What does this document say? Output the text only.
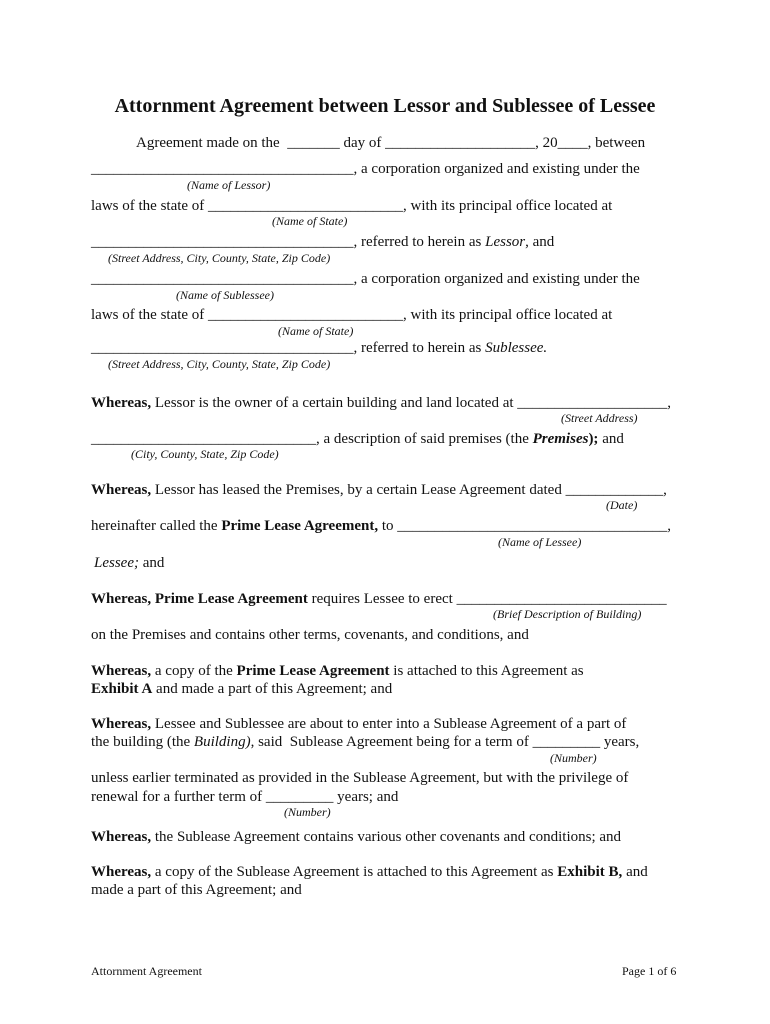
Attornment Agreement between Lessor and Sublessee of Lessee
Agreement made on the  _______ day of ____________________, 20____, between
___________________________________, a corporation organized and existing under the
(Name of Lessor)
laws of the state of __________________________, with its principal office located at
(Name of State)
___________________________________, referred to herein as Lessor, and
(Street Address, City, County, State, Zip Code)
___________________________________, a corporation organized and existing under the
(Name of Sublessee)
laws of the state of __________________________, with its principal office located at
(Name of State)
___________________________________, referred to herein as Sublessee.
(Street Address, City, County, State, Zip Code)
Whereas, Lessor is the owner of a certain building and land located at ____________________,
(Street Address)
______________________________, a description of said premises (the Premises); and
(City, County, State, Zip Code)
Whereas, Lessor has leased the Premises, by a certain Lease Agreement dated _____________,
(Date)
hereinafter called the Prime Lease Agreement, to ____________________________________,
(Name of Lessee)
Lessee; and
Whereas, Prime Lease Agreement requires Lessee to erect ____________________________
(Brief Description of Building)
on the Premises and contains other terms, covenants, and conditions, and
Whereas, a copy of the Prime Lease Agreement is attached to this Agreement as
Exhibit A and made a part of this Agreement; and
Whereas, Lessee and Sublessee are about to enter into a Sublease Agreement of a part of
the building (the Building), said  Sublease Agreement being for a term of _________ years,
(Number)
unless earlier terminated as provided in the Sublease Agreement, but with the privilege of
renewal for a further term of _________ years; and
(Number)
Whereas, the Sublease Agreement contains various other covenants and conditions; and
Whereas, a copy of the Sublease Agreement is attached to this Agreement as Exhibit B, and
made a part of this Agreement; and
Attornment Agreement	Page 1 of 6
